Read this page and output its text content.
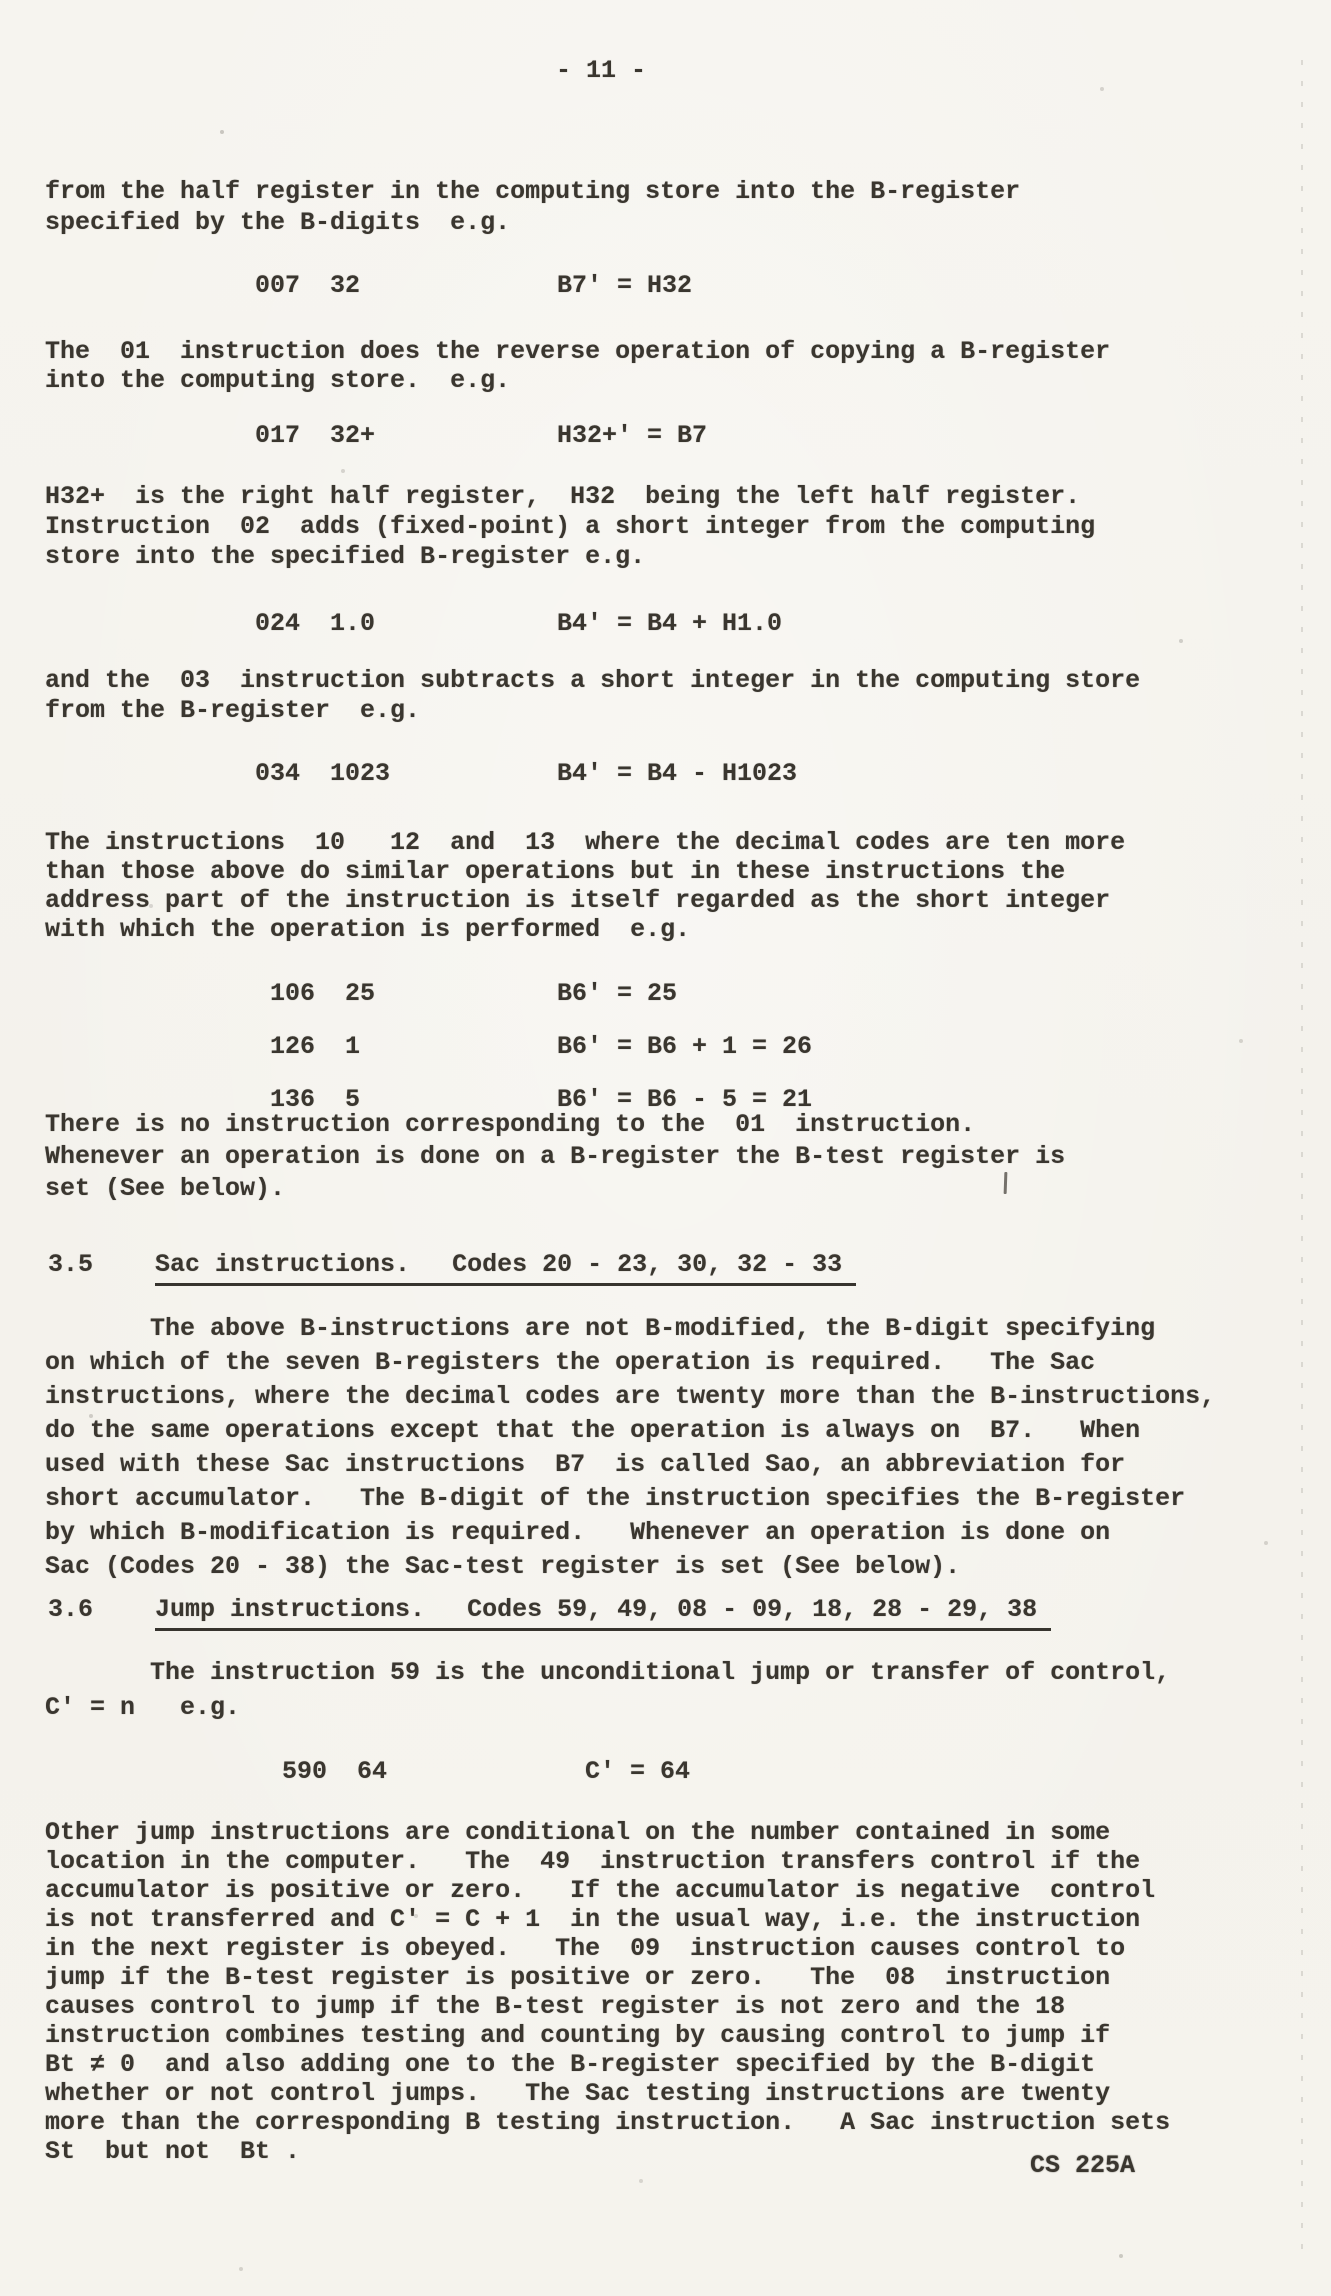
- 11 -
from the half register in the computing store into the B-register
specified by the B-digits  e.g.
007  32	B7' = H32
The  01  instruction does the reverse operation of copying a B-register
into the computing store.  e.g.
017  32+	H32+' = B7
H32+  is the right half register,  H32  being the left half register.
Instruction  02  adds (fixed-point) a short integer from the computing
store into the specified B-register e.g.
024  1.0	B4' = B4 + H1.0
and the  03  instruction subtracts a short integer in the computing store
from the B-register  e.g.
034  1023	B4' = B4 - H1023
The instructions  10   12  and  13  where the decimal codes are ten more
than those above do similar operations but in these instructions the
address part of the instruction is itself regarded as the short integer
with which the operation is performed  e.g.
106  25	B6' = 25
126  1	B6' = B6 + 1 = 26
136  5	B6' = B6 - 5 = 21
There is no instruction corresponding to the  01  instruction.
Whenever an operation is done on a B-register the B-test register is
set (See below).
3.5 Sac instructions. Codes 20 - 23, 30, 32 - 33
The above B-instructions are not B-modified, the B-digit specifying
on which of the seven B-registers the operation is required.   The Sac
instructions, where the decimal codes are twenty more than the B-instructions,
do the same operations except that the operation is always on  B7.   When
used with these Sac instructions  B7  is called Sao, an abbreviation for
short accumulator.   The B-digit of the instruction specifies the B-register
by which B-modification is required.   Whenever an operation is done on
Sac (Codes 20 - 38) the Sac-test register is set (See below).
3.6 Jump instructions. Codes 59, 49, 08 - 09, 18, 28 - 29, 38
The instruction 59 is the unconditional jump or transfer of control,
C' = n   e.g.
590  64	C' = 64
Other jump instructions are conditional on the number contained in some
location in the computer.   The  49  instruction transfers control if the
accumulator is positive or zero.   If the accumulator is negative  control
is not transferred and C' = C + 1  in the usual way, i.e. the instruction
in the next register is obeyed.   The  09  instruction causes control to
jump if the B-test register is positive or zero.   The  08  instruction
causes control to jump if the B-test register is not zero and the 18
instruction combines testing and counting by causing control to jump if
Bt ≠ 0  and also adding one to the B-register specified by the B-digit
whether or not control jumps.   The Sac testing instructions are twenty
more than the corresponding B testing instruction.   A Sac instruction sets
St  but not  Bt .	CS 225A
